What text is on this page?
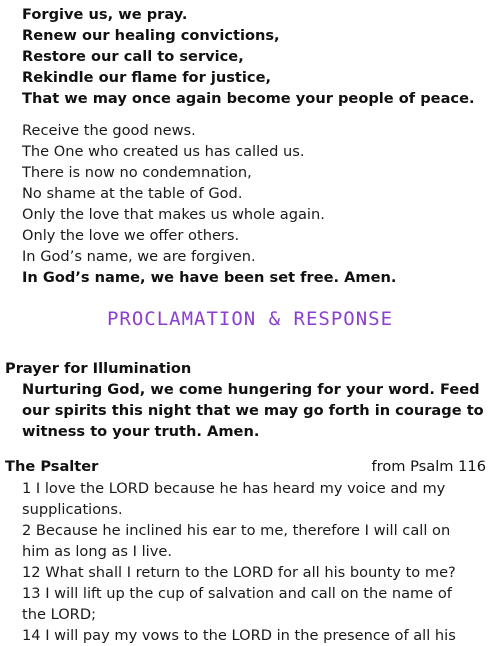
Forgive us, we pray.
Renew our healing convictions,
Restore our call to service,
Rekindle our flame for justice,
That we may once again become your people of peace.
Receive the good news.
The One who created us has called us.
There is now no condemnation,
No shame at the table of God.
Only the love that makes us whole again.
Only the love we offer others.
In God’s name, we are forgiven.
In God’s name, we have been set free. Amen.
PROCLAMATION & RESPONSE
Prayer for Illumination
Nurturing God, we come hungering for your word. Feed
our spirits this night that we may go forth in courage to
witness to your truth. Amen.
The Psalter	from Psalm 116
1 I love the LORD because he has heard my voice and my
supplications.
2 Because he inclined his ear to me, therefore I will call on
him as long as I live.
12 What shall I return to the LORD for all his bounty to me?
13 I will lift up the cup of salvation and call on the name of
the LORD;
14 I will pay my vows to the LORD in the presence of all his
